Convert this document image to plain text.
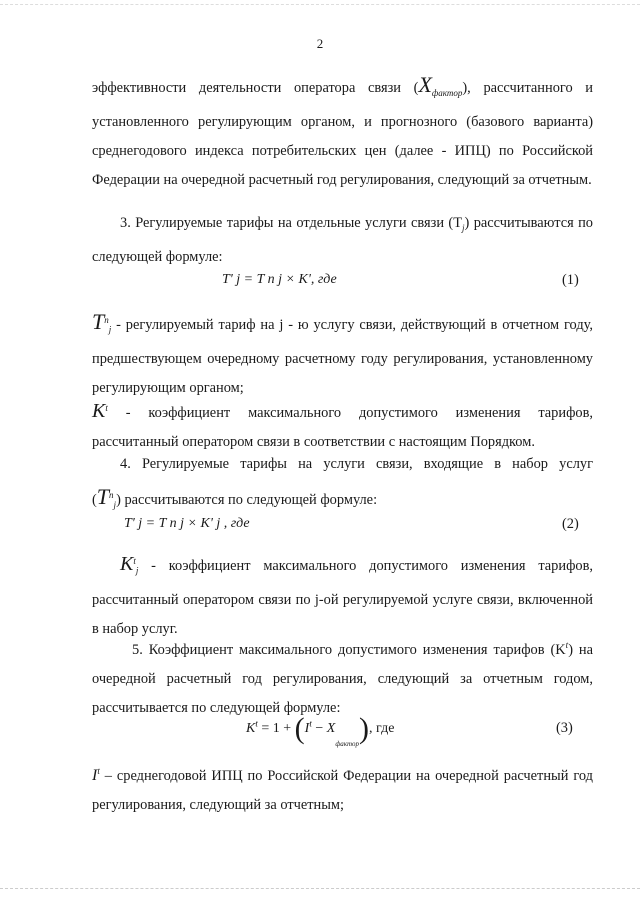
2
эффективности деятельности оператора связи $(X_{фактор})$, рассчитанного и
установленного регулирующим органом, и прогнозного (базового варианта) среднегодового индекса потребительских цен (далее - ИПЦ) по Российской Федерации на очередной расчетный год регулирования, следующий за отчетным.
3. Регулируемые тарифы на отдельные услуги связи $(T_j)$ рассчитываются по следующей формуле:
T' j = T n j × K', где	(1)
$T^n_j$ - регулируемый тариф на j - ю услугу связи, действующий в отчетном году, предшествующем очередному расчетному году регулирования, установленному регулирующим органом;
$K^t$ - коэффициент максимального допустимого изменения тарифов, рассчитанный оператором связи в соответствии с настоящим Порядком.
4. Регулируемые тарифы на услуги связи, входящие в набор услуг
$(T^n_j)$ рассчитываются по следующей формуле:
T' j = T n j × K' j , где	(2)
$K^t_j$ - коэффициент максимального допустимого изменения тарифов, рассчитанный оператором связи по j-ой регулируемой услуге связи, включенной в набор услуг.
5. Коэффициент максимального допустимого изменения тарифов $(K^t)$ на очередной расчетный год регулирования, следующий за отчетным годом, рассчитывается по следующей формуле:
$K^t = 1 + (I^t - X_{фактор})$, где	(3)
$I^t$ – среднегодовой ИПЦ по Российской Федерации на очередной расчетный год регулирования, следующий за отчетным;
